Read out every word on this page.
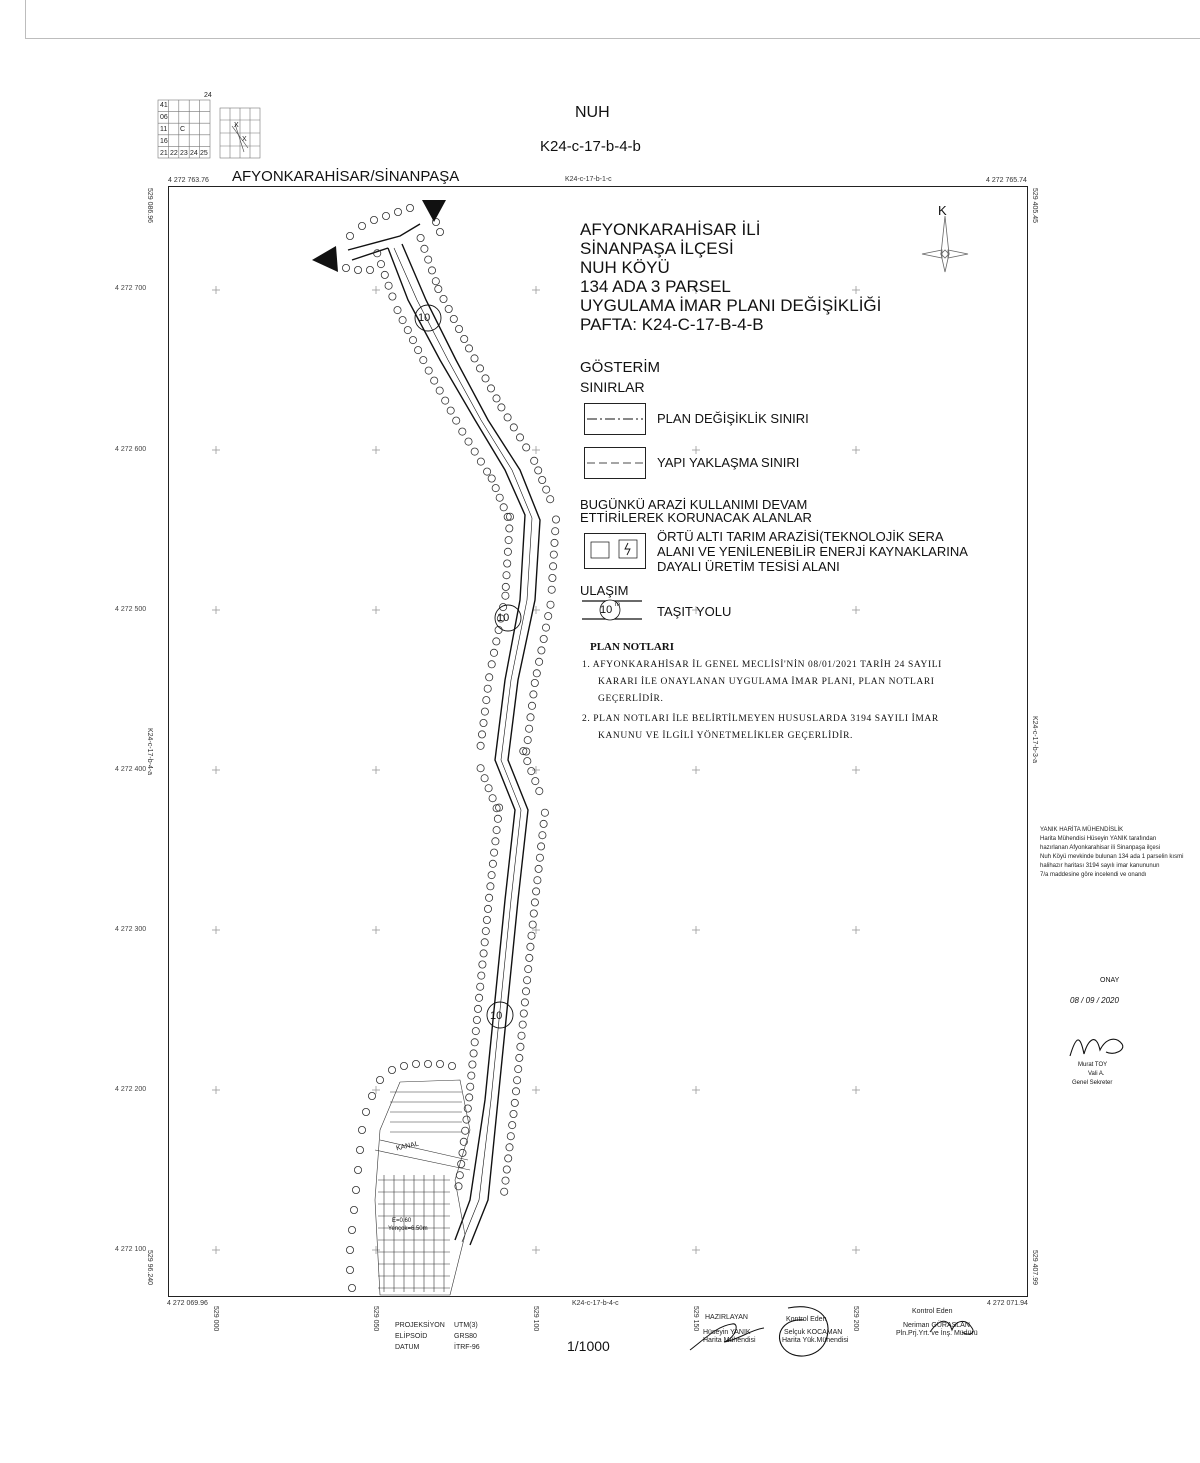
24
41
06
11 C
16
21 22 23 24 25
X
X
NUH
K24-c-17-b-4-b
AFYONKARAHİSAR/SİNANPAŞA	K24-c-17-b-1-c
K24-c-17-b-4-c
4 272 763.76	4 272 765.74
4 272 069.96	4 272 071.94
529 086.96	529 405.45
529 96.240	529 407.99
K24-c-17-b-4-a	K24-c-17-b-3-a
4 272 700
4 272 600
4 272 500
4 272 400
4 272 300
4 272 200
4 272 100
529 000	529 050	529 100	529 150	529 200
10
10
10
KANAL
E=0.60
Yençok=6.50m
K
AFYONKARAHİSAR İLİ
SİNANPAŞA İLÇESİ
NUH KÖYÜ
134 ADA 3 PARSEL
UYGULAMA İMAR PLANI DEĞİŞİKLİĞİ
PAFTA: K24-C-17-B-4-B
GÖSTERİM
SINIRLAR
PLAN DEĞİŞİKLİK SINIRI
YAPI YAKLAŞMA SINIRI
BUGÜNKÜ ARAZİ KULLANIMI DEVAM
ETTİRİLEREK KORUNACAK ALANLAR
ÖRTÜ ALTI TARIM ARAZİSİ(TEKNOLOJİK SERA
ALANI VE YENİLENEBİLİR ENERJİ KAYNAKLARINA
DAYALI ÜRETİM TESİSİ ALANI
ULAŞIM
10 m	TAŞIT YOLU
PLAN NOTLARI
1. AFYONKARAHİSAR İL GENEL MECLİSİ'NİN 08/01/2021 TARİH 24 SAYILI
KARARI İLE ONAYLANAN UYGULAMA İMAR PLANI, PLAN NOTLARI
GEÇERLİDİR.
2. PLAN NOTLARI İLE BELİRTİLMEYEN HUSUSLARDA 3194 SAYILI İMAR
KANUNU VE İLGİLİ YÖNETMELİKLER GEÇERLİDİR.
YANIK HARİTA MÜHENDİSLİK
Harita Mühendisi Hüseyin YANIK tarafından
hazırlanan Afyonkarahisar ili Sinanpaşa ilçesi
Nuh Köyü mevkinde bulunan 134 ada 1 parselin kısmi
halihazır haritası 3194 sayılı imar kanununun
7/a maddesine göre incelendi ve onandı
ONAY
08 / 09 / 2020
Murat TOY
Vali A.
Genel Sekreter
PROJEKSİYON UTM(3)
ELİPSOİD	GRS80
DATUM	İTRF-96	1/1000
HAZIRLAYAN
Hüseyin YANIK
Harita Mühendisi
Kontrol Eden
Selçuk KOCAMAN
Harita Yük.Mühendisi
Kontrol Eden
Neriman GÜRASLAN
Pln.Prj.Yrt. ve İnş. Müdürü
